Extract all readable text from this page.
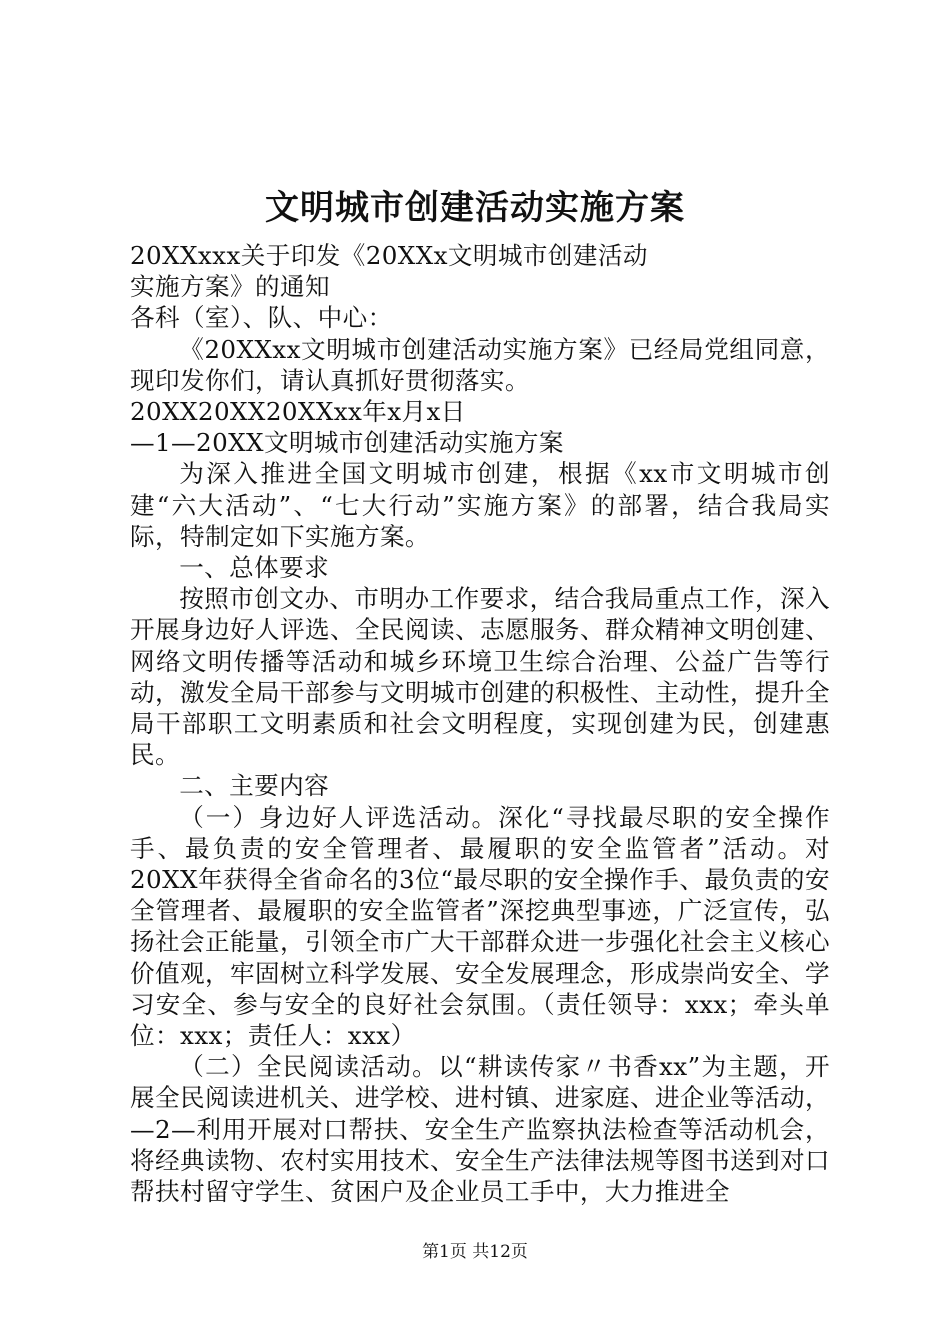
文明城市创建活动实施方案

20XXxxx关于印发《20XXx文明城市创建活动

实施方案》的通知

各科（室）、队、中心：

《20XXxx文明城市创建活动实施方案》已经局党组同意，现印发你们，请认真抓好贯彻落实。

20XX20XX20XXxx年x月x日

—1—20XX文明城市创建活动实施方案

为深入推进全国文明城市创建，根据《xx市文明城市创建“六大活动”、“七大行动”实施方案》的部署，结合我局实际，特制定如下实施方案。

一、总体要求

按照市创文办、市明办工作要求，结合我局重点工作，深入开展身边好人评选、全民阅读、志愿服务、群众精神文明创建、网络文明传播等活动和城乡环境卫生综合治理、公益广告等行动，激发全局干部参与文明城市创建的积极性、主动性，提升全局干部职工文明素质和社会文明程度，实现创建为民，创建惠民。

二、主要内容

（一）身边好人评选活动。深化“寻找最尽职的安全操作手、最负责的安全管理者、最履职的安全监管者”活动。对20XX年获得全省命名的3位“最尽职的安全操作手、最负责的安全管理者、最履职的安全监管者”深挖典型事迹，广泛宣传，弘扬社会正能量，引领全市广大干部群众进一步强化社会主义核心价值观，牢固树立科学发展、安全发展理念，形成崇尚安全、学习安全、参与安全的良好社会氛围。（责任领导：xxx；牵头单位：xxx；责任人：xxx）

（二）全民阅读活动。以“耕读传家〃书香xx”为主题，开展全民阅读进机关、进学校、进村镇、进家庭、进企业等活动，—2—利用开展对口帮扶、安全生产监察执法检查等活动机会，将经典读物、农村实用技术、安全生产法律法规等图书送到对口帮扶村留守学生、贫困户及企业员工手中，大力推进全

第1页 共12页
